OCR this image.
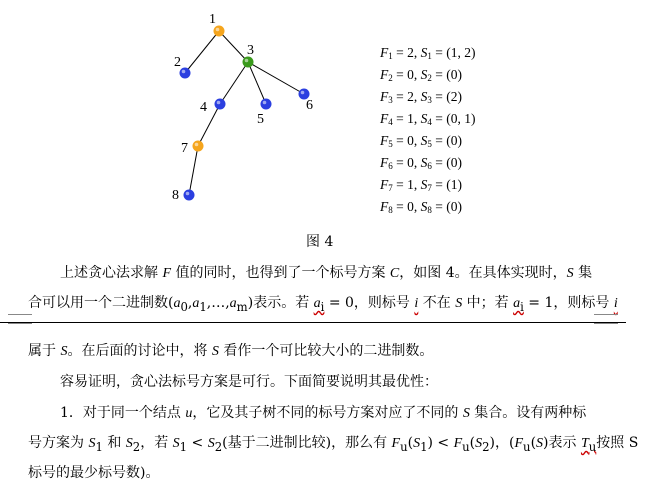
1
2
3
4
5
6
7
8
$F_1 = 2$, $S_1 = (1$, 2)
$F_2 = 0$, $S_2 = (0)$
$F_3 = 2$, $S_3 = (2)$
$F_4 = 1$, $S_4 = (0$, 1)
$F_5 = 0$, $S_5 = (0)$
$F_6 = 0$, $S_6 = (0)$
$F_7 = 1$, $S_7 = (1)$
$F_8 = 0$, $S_8 = (0)$
图 4
上述贪心法求解 F 值的同时，也得到了一个标号方案 C，如图 4。在具体实现时，S 集
合可以用一个二进制数$(a_0,a_1,\dots,a_m)$表示。若 $a_i = 0$，则标号 i 不在 S 中；若 $a_i = 1$，则标号 i
属于 S。在后面的讨论中，将 S 看作一个可比较大小的二进制数。
容易证明，贪心法标号方案是可行。下面简要说明其最优性：
1．对于同一个结点 u，它及其子树不同的标号方案对应了不同的 S 集合。设有两种标
号方案为 $S_1$ 和 $S_2$，若 $S_1 < S_2$(基于二进制比较)，那么有 $F_u(S_1) < F_u(S_2)$，($F_u(S)$表示 $T_u$按照 S
标号的最少标号数)。
